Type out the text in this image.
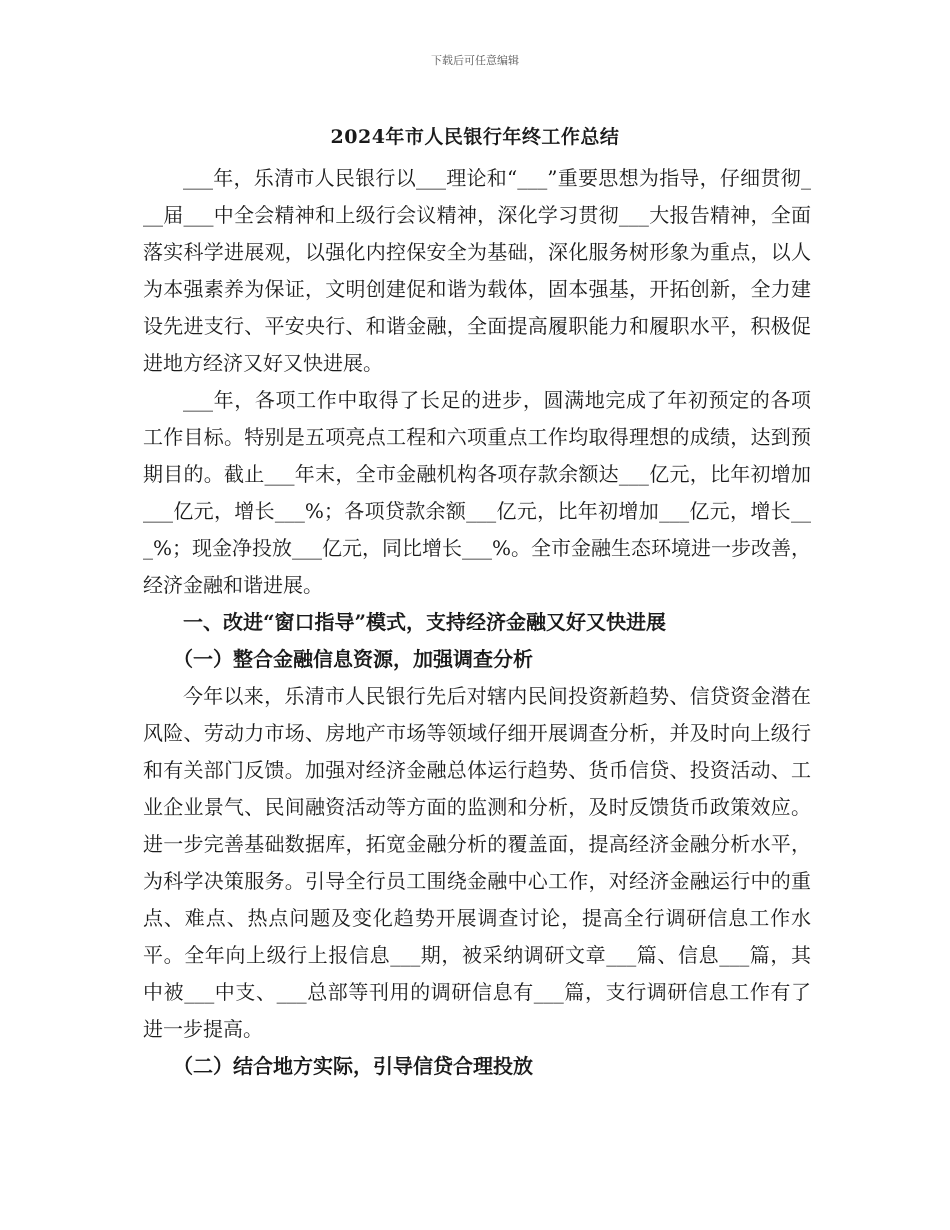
下载后可任意编辑
2024年市人民银行年终工作总结

___年，乐清市人民银行以___理论和“___”重要思想为指导，仔细贯彻___届___中全会精神和上级行会议精神，深化学习贯彻___大报告精神，全面落实科学进展观，以强化内控保安全为基础，深化服务树形象为重点，以人为本强素养为保证，文明创建促和谐为载体，固本强基，开拓创新，全力建设先进支行、平安央行、和谐金融，全面提高履职能力和履职水平，积极促进地方经济又好又快进展。

___年，各项工作中取得了长足的进步，圆满地完成了年初预定的各项工作目标。特别是五项亮点工程和六项重点工作均取得理想的成绩，达到预期目的。截止___年末，全市金融机构各项存款余额达___亿元，比年初增加___亿元，增长___%；各项贷款余额___亿元，比年初增加___亿元，增长___%；现金净投放___亿元，同比增长___%。全市金融生态环境进一步改善，经济金融和谐进展。

一、改进“窗口指导”模式，支持经济金融又好又快进展

（一）整合金融信息资源，加强调查分析

今年以来，乐清市人民银行先后对辖内民间投资新趋势、信贷资金潜在风险、劳动力市场、房地产市场等领域仔细开展调查分析，并及时向上级行和有关部门反馈。加强对经济金融总体运行趋势、货币信贷、投资活动、工业企业景气、民间融资活动等方面的监测和分析，及时反馈货币政策效应。进一步完善基础数据库，拓宽金融分析的覆盖面，提高经济金融分析水平，为科学决策服务。引导全行员工围绕金融中心工作，对经济金融运行中的重点、难点、热点问题及变化趋势开展调查讨论，提高全行调研信息工作水平。全年向上级行上报信息___期，被采纳调研文章___篇、信息___篇，其中被___中支、___总部等刊用的调研信息有___篇，支行调研信息工作有了进一步提高。

（二）结合地方实际，引导信贷合理投放
